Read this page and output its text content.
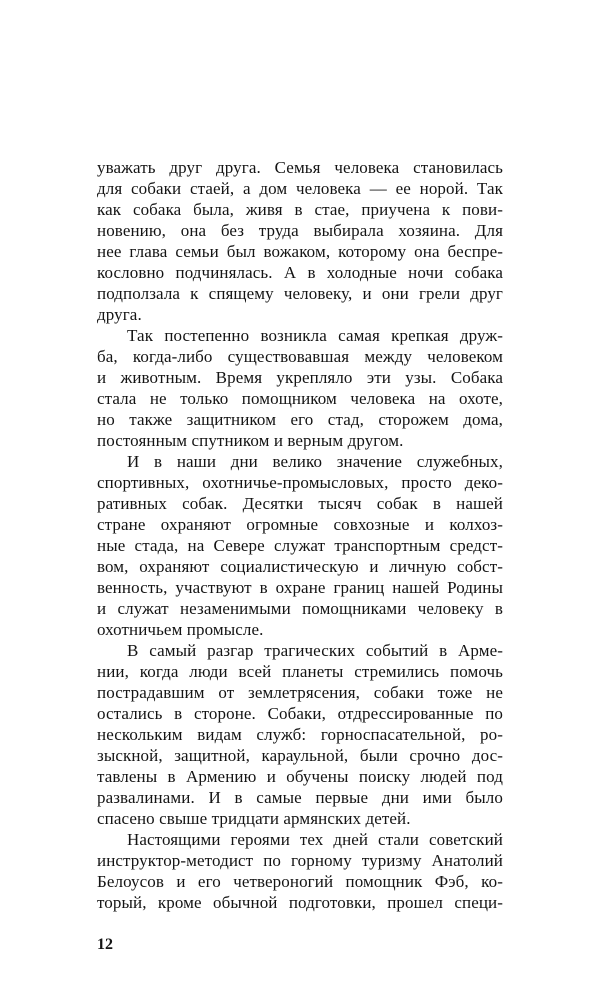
уважать друг друга. Семья человека становилась
для собаки стаей, а дом человека — ее норой. Так
как собака была, живя в стае, приучена к пови-
новению, она без труда выбирала хозяина. Для
нее глава семьи был вожаком, которому она беспре-
кословно подчинялась. А в холодные ночи собака
подползала к спящему человеку, и они грели друг
друга.
Так постепенно возникла самая крепкая друж-
ба, когда-либо существовавшая между человеком
и животным. Время укрепляло эти узы. Собака
стала не только помощником человека на охоте,
но также защитником его стад, сторожем дома,
постоянным спутником и верным другом.
И в наши дни велико значение служебных,
спортивных, охотничье-промысловых, просто деко-
ративных собак. Десятки тысяч собак в нашей
стране охраняют огромные совхозные и колхоз-
ные стада, на Севере служат транспортным средст-
вом, охраняют социалистическую и личную собст-
венность, участвуют в охране границ нашей Родины
и служат незаменимыми помощниками человеку в
охотничьем промысле.
В самый разгар трагических событий в Арме-
нии, когда люди всей планеты стремились помочь
пострадавшим от землетрясения, собаки тоже не
остались в стороне. Собаки, отдрессированные по
нескольким видам служб: горноспасательной, ро-
зыскной, защитной, караульной, были срочно дос-
тавлены в Армению и обучены поиску людей под
развалинами. И в самые первые дни ими было
спасено свыше тридцати армянских детей.
Настоящими героями тех дней стали советский
инструктор-методист по горному туризму Анатолий
Белоусов и его четвероногий помощник Фэб, ко-
торый, кроме обычной подготовки, прошел специ-
12
